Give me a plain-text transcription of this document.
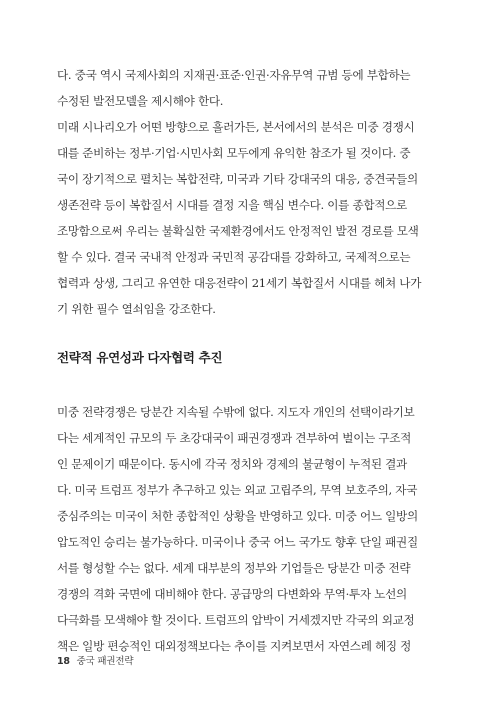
다. 중국 역시 국제사회의 지재권·표준·인권·자유무역 규범 등에 부합하는
수정된 발전모델을 제시해야 한다.
미래 시나리오가 어떤 방향으로 흘러가든, 본서에서의 분석은 미중 경쟁시
대를 준비하는 정부·기업·시민사회 모두에게 유익한 참조가 될 것이다. 중
국이 장기적으로 펼치는 복합전략, 미국과 기타 강대국의 대응, 중견국들의
생존전략 등이 복합질서 시대를 결정 지을 핵심 변수다. 이를 종합적으로
조망함으로써 우리는 불확실한 국제환경에서도 안정적인 발전 경로를 모색
할 수 있다. 결국 국내적 안정과 국민적 공감대를 강화하고, 국제적으로는
협력과 상생, 그리고 유연한 대응전략이 21세기 복합질서 시대를 헤쳐 나가
기 위한 필수 열쇠임을 강조한다.
전략적 유연성과 다자협력 추진
미중 전략경쟁은 당분간 지속될 수밖에 없다. 지도자 개인의 선택이라기보
다는 세계적인 규모의 두 초강대국이 패권경쟁과 견부하여 벌이는 구조적
인 문제이기 때문이다. 동시에 각국 정치와 경제의 불균형이 누적된 결과
다. 미국 트럼프 정부가 추구하고 있는 외교 고립주의, 무역 보호주의, 자국
중심주의는 미국이 처한 종합적인 상황을 반영하고 있다. 미중 어느 일방의
압도적인 승리는 불가능하다. 미국이나 중국 어느 국가도 향후 단일 패권질
서를 형성할 수는 없다. 세계 대부분의 정부와 기업들은 당분간 미중 전략
경쟁의 격화 국면에 대비해야 한다. 공급망의 다변화와 무역·투자 노선의
다극화를 모색해야 할 것이다. 트럼프의 압박이 거세겠지만 각국의 외교정
책은 일방 편승적인 대외정책보다는 추이를 지켜보면서 자연스레 헤징 정
18 중국 패권전략
